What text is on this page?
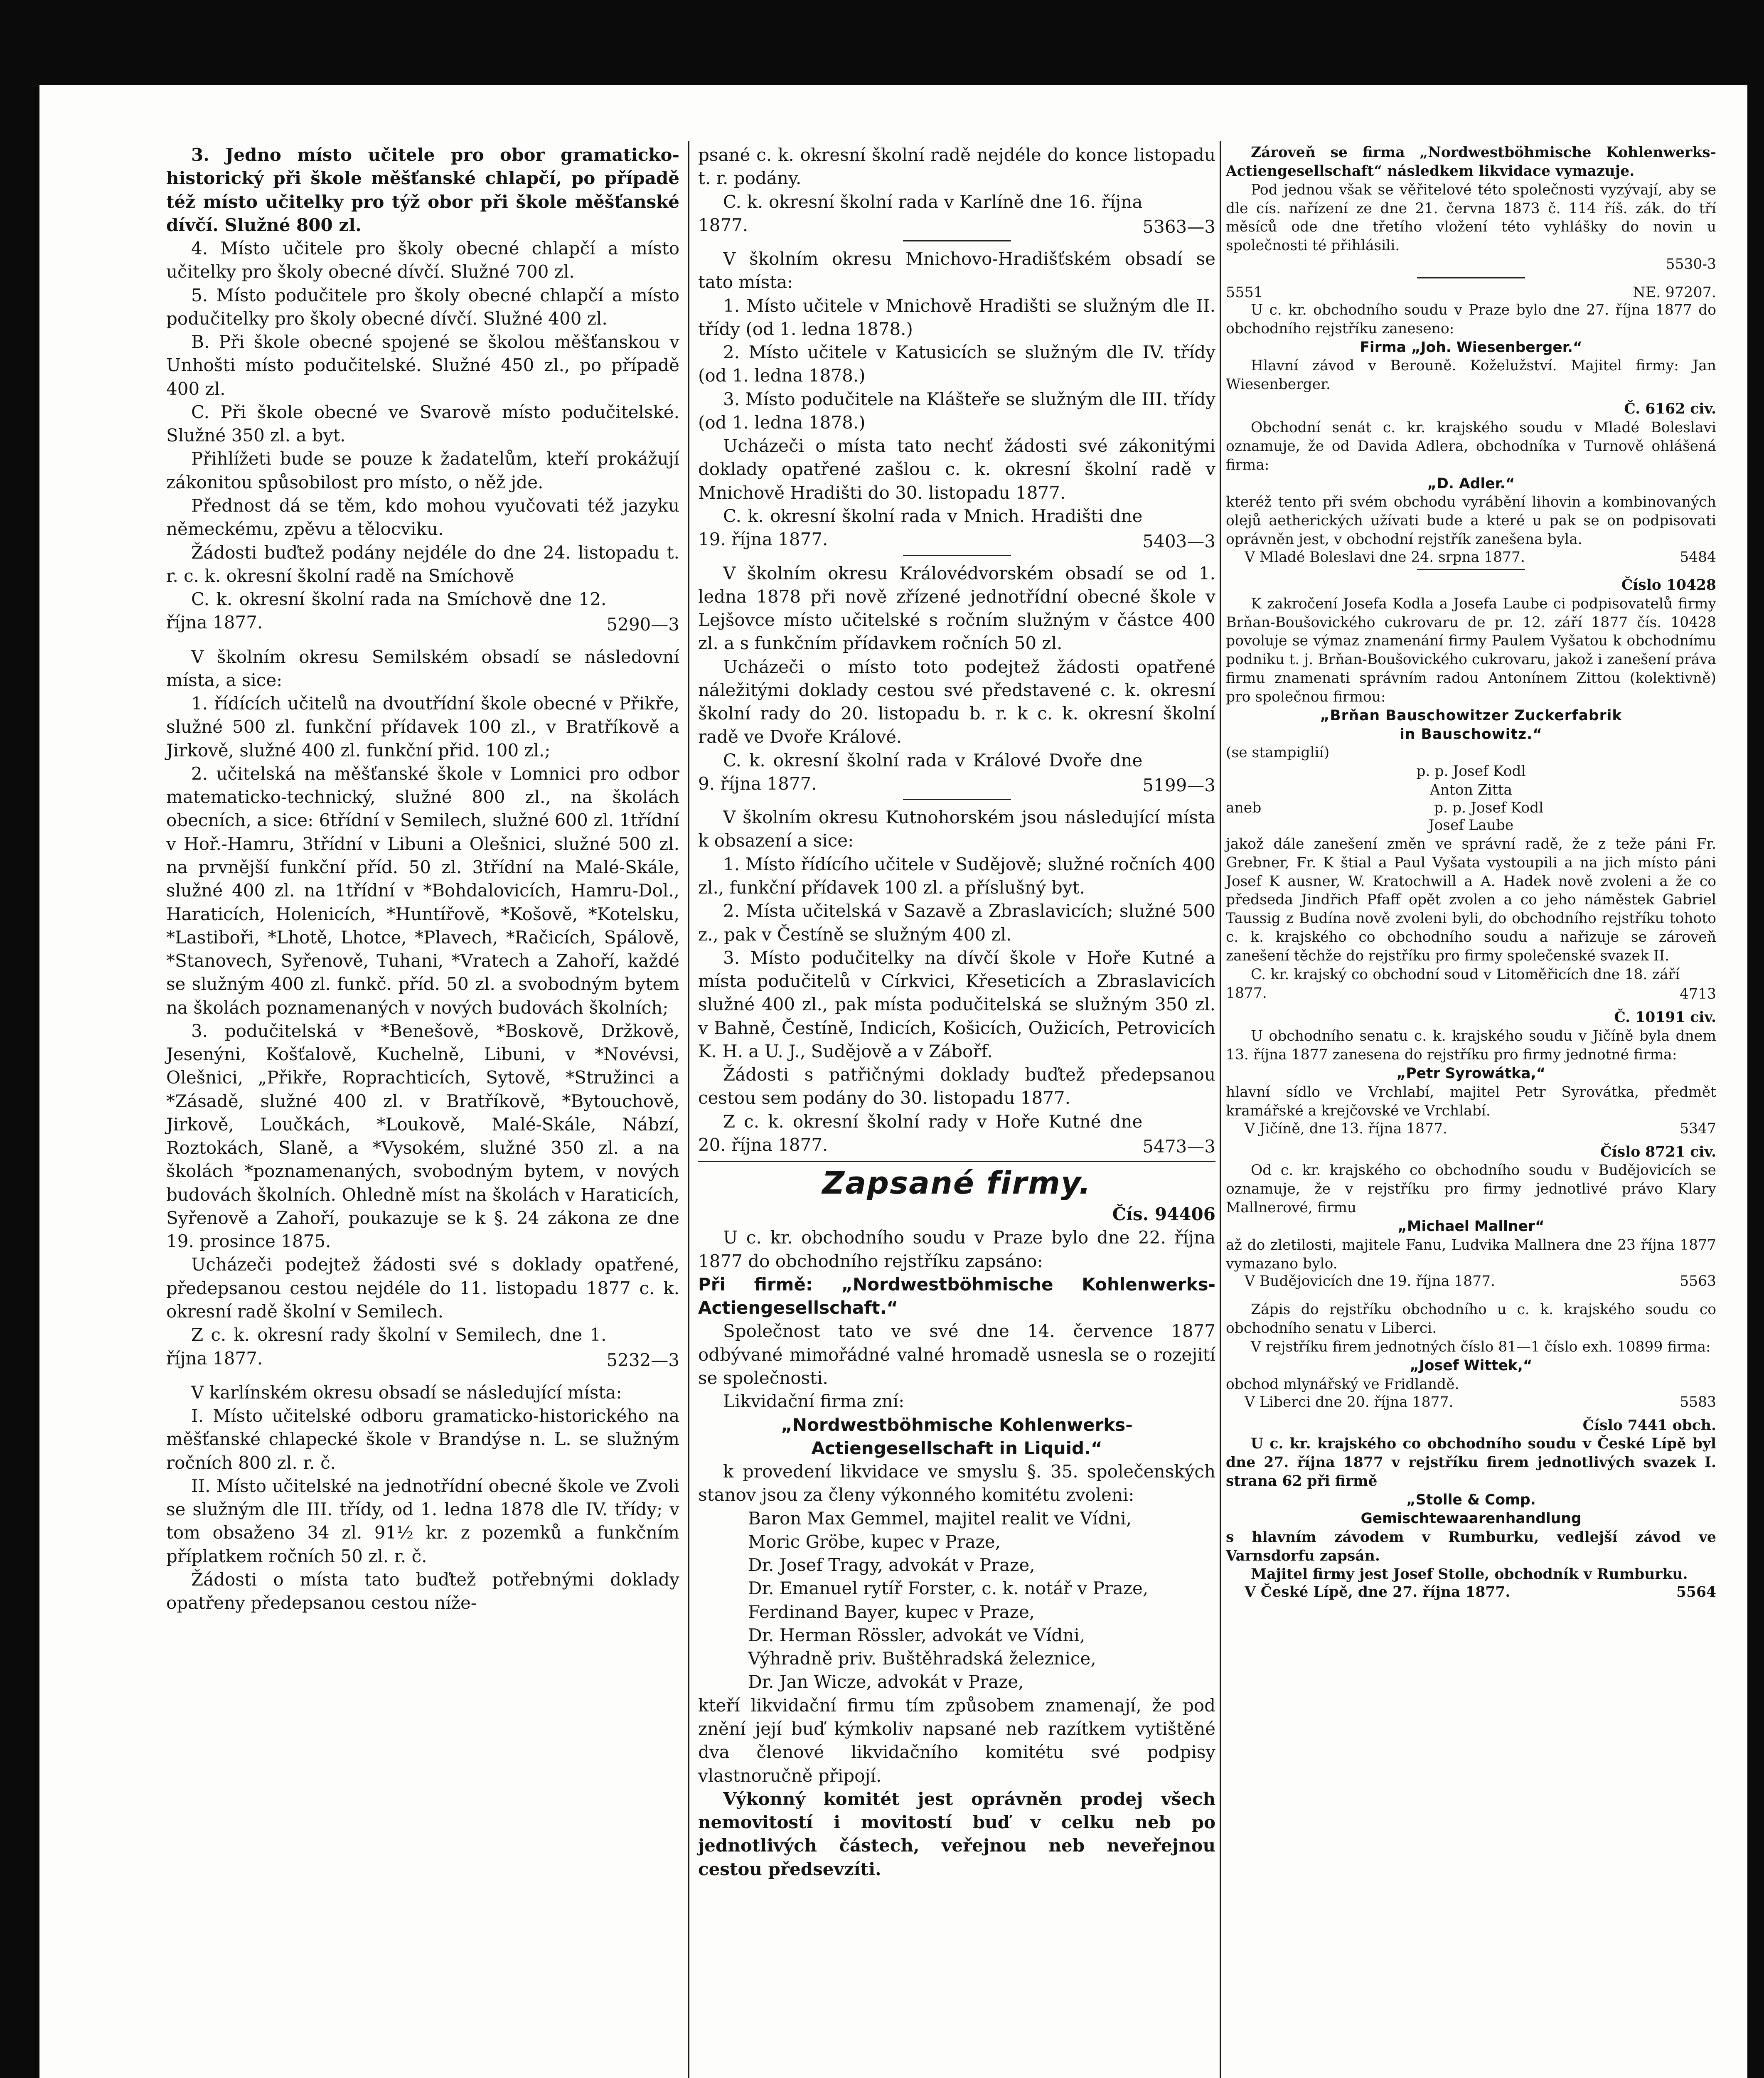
3. Jedno místo učitele pro obor gramaticko-historický při škole měšťanské chlapčí, po případě též místo učitelky pro týž obor při škole měšťanské dívčí. Služné 800 zl.

4. Místo učitele pro školy obecné chlapčí a místo učitelky pro školy obecné dívčí. Služné 700 zl.

5. Místo podučitele pro školy obecné chlapčí a místo podučitelky pro školy obecné dívčí. Služné 400 zl.

B. Při škole obecné spojené se školou měšťanskou v Unhošti místo podučitelské. Služné 450 zl., po případě 400 zl.

C. Při škole obecné ve Svarově místo podučitelské. Služné 350 zl. a byt.

Přihlížeti bude se pouze k žadatelům, kteří prokážují zákonitou spůsobilost pro místo, o něž jde.

Přednost dá se těm, kdo mohou vyučovati též jazyku německému, zpěvu a tělocviku.

Žádosti buďtež podány nejdéle do dne 24. listopadu t. r. c. k. okresní školní radě na Smíchově

C. k. okresní školní rada na Smíchově dne 12. října 1877.	5290—3

V školním okresu Semilském obsadí se následovní místa, a sice:

1. řídících učitelů na dvoutřídní škole obecné v Přikře, služné 500 zl. funkční přídavek 100 zl., v Bratříkově a Jirkově, služné 400 zl. funkční přid. 100 zl.;

2. učitelská na měšťanské škole v Lomnici pro odbor matematicko-technický, služné 800 zl., na školách obecních, a sice: 6třídní v Semilech, služné 600 zl. 1třídní v Hoř.-Hamru, 3třídní v Libuni a Olešnici, služné 500 zl. na prvnější funkční příd. 50 zl. 3třídní na Malé-Skále, služné 400 zl. na 1třídní v *Bohdalovicích, Hamru-Dol., Haraticích, Holenicích, *Huntířově, *Košově, *Kotelsku, *Lastiboři, *Lhotě, Lhotce, *Plavech, *Račicích, Spálově, *Stanovech, Syřenově, Tuhani, *Vratech a Zahoří, každé se služným 400 zl. funkč. příd. 50 zl. a svobodným bytem na školách poznamenaných v nových budovách školních;

3. podučitelská v *Benešově, *Boskově, Držkově, Jesenýni, Košťalově, Kuchelně, Libuni, v *Novévsi, Olešnici, „Přikře, Roprachticích, Sytově, *Stružinci a *Zásadě, služné 400 zl. v Bratříkově, *Bytouchově, Jirkově, Loučkách, *Loukově, Malé-Skále, Nábzí, Roztokách, Slaně, a *Vysokém, služné 350 zl. a na školách *poznamenaných, svobodným bytem, v nových budovách školních. Ohledně míst na školách v Haraticích, Syřenově a Zahoří, poukazuje se k §. 24 zákona ze dne 19. prosince 1875.

Ucházeči podejtež žádosti své s doklady opatřené, předepsanou cestou nejdéle do 11. listopadu 1877 c. k. okresní radě školní v Semilech.

Z c. k. okresní rady školní v Semilech, dne 1. října 1877.	5232—3

V karlínském okresu obsadí se následující místa:

I. Místo učitelské odboru gramaticko-historického na měšťanské chlapecké škole v Brandýse n. L. se služným ročních 800 zl. r. č.

II. Místo učitelské na jednotřídní obecné škole ve Zvoli se služným dle III. třídy, od 1. ledna 1878 dle IV. třídy; v tom obsaženo 34 zl. 91½ kr. z pozemků a funkčním příplatkem ročních 50 zl. r. č.

Žádosti o místa tato buďtež potřebnými doklady opatřeny předepsanou cestou níže-

psané c. k. okresní školní radě nejdéle do konce listopadu t. r. podány.

C. k. okresní školní rada v Karlíně dne 16. října 1877.	5363—3

V školním okresu Mnichovo-Hradišťském obsadí se tato místa:

1. Místo učitele v Mnichově Hradišti se služným dle II. třídy (od 1. ledna 1878.)

2. Místo učitele v Katusicích se služným dle IV. třídy (od 1. ledna 1878.)

3. Místo podučitele na Klášteře se služným dle III. třídy (od 1. ledna 1878.)

Ucházeči o místa tato nechť žádosti své zákonitými doklady opatřené zašlou c. k. okresní školní radě v Mnichově Hradišti do 30. listopadu 1877.

C. k. okresní školní rada v Mnich. Hradišti dne 19. října 1877.	5403—3

V školním okresu Královédvorském obsadí se od 1. ledna 1878 při nově zřízené jednotřídní obecné škole v Lejšovce místo učitelské s ročním služným v částce 400 zl. a s funkčním přídavkem ročních 50 zl.

Ucházeči o místo toto podejtež žádosti opatřené náležitými doklady cestou své představené c. k. okresní školní rady do 20. listopadu b. r. k c. k. okresní školní radě ve Dvoře Králové.

C. k. okresní školní rada v Králové Dvoře dne 9. října 1877.	5199—3

V školním okresu Kutnohorském jsou následující místa k obsazení a sice:

1. Místo řídícího učitele v Sudějově; služné ročních 400 zl., funkční přídavek 100 zl. a příslušný byt.

2. Místa učitelská v Sazavě a Zbraslavicích; služné 500 z., pak v Čestíně se služným 400 zl.

3. Místo podučitelky na dívčí škole v Hoře Kutné a místa podučitelů v Církvici, Křeseticích a Zbraslavicích služné 400 zl., pak místa podučitelská se služným 350 zl. v Bahně, Čestíně, Indicích, Košicích, Oužicích, Petrovicích K. H. a U. J., Sudějově a v Zábořf.

Žádosti s patřičnými doklady buďtež předepsanou cestou sem podány do 30. listopadu 1877.

Z c. k. okresní školní rady v Hoře Kutné dne 20. října 1877.	5473—3
Zapsané firmy.

Čís. 94406

U c. kr. obchodního soudu v Praze bylo dne 22. října 1877 do obchodního rejstříku zapsáno:

Při firmě: „Nordwestböhmische Kohlenwerks-Actiengesellschaft.“

Společnost tato ve své dne 14. července 1877 odbývané mimořádné valné hromadě usnesla se o rozejití se společnosti.

Likvidační firma zní:

„Nordwestböhmische Kohlenwerks-Actiengesellschaft in Liquid.“

k provedení likvidace ve smyslu §. 35. společenských stanov jsou za členy výkonného komitétu zvoleni:

Baron Max Gemmel, majitel realit ve Vídni,

Moric Gröbe, kupec v Praze,

Dr. Josef Tragy, advokát v Praze,

Dr. Emanuel rytíř Forster, c. k. notář v Praze,

Ferdinand Bayer, kupec v Praze,

Dr. Herman Rössler, advokát ve Vídni,

Výhradně priv. Buštěhradská železnice,

Dr. Jan Wicze, advokát v Praze,

kteří likvidační firmu tím způsobem znamenají, že pod znění její buď kýmkoliv napsané neb razítkem vytištěné dva členové likvidačního komitétu své podpisy vlastnoručně připojí.

Výkonný komitét jest oprávněn prodej všech nemovitostí i movitostí buď v celku neb po jednotlivých částech, veřejnou neb neveřejnou cestou předsevzíti.

Zároveň se firma „Nordwestböhmische Kohlenwerks-Actiengesellschaft“ následkem likvidace vymazuje.

Pod jednou však se věřitelové této společnosti vyzývají, aby se dle cís. nařízení ze dne 21. června 1873 č. 114 říš. zák. do tří měsíců ode dne třetího vložení této vyhlášky do novin u společnosti té přihlásili.

5530-3

5551	NE. 97207.

U c. kr. obchodního soudu v Praze bylo dne 27. října 1877 do obchodního rejstříku zaneseno:

Firma „Joh. Wiesenberger.“

Hlavní závod v Berouně. Koželužství. Majitel firmy: Jan Wiesenberger.

Č. 6162 civ.

Obchodní senát c. kr. krajského soudu v Mladé Boleslavi oznamuje, že od Davida Adlera, obchodníka v Turnově ohlášená firma:

„D. Adler.“

kteréž tento při svém obchodu vyrábění lihovin a kombinovaných olejů aetherických užívati bude a které u pak se on podpisovati oprávněn jest, v obchodní rejstřík zanešena byla.

V Mladé Boleslavi dne 24. srpna 1877.	5484

Číslo 10428

K zakročení Josefa Kodla a Josefa Laube ci podpisovatelů firmy Brňan-Boušovického cukrovaru de pr. 12. září 1877 čís. 10428 povoluje se výmaz znamenání firmy Paulem Vyšatou k obchodnímu podniku t. j. Brňan-Boušovického cukrovaru, jakož i zanešení práva firmu znamenati správním radou Antonínem Zittou (kolektivně) pro společnou firmou:

„Brňan Bauschowitzer Zuckerfabrik

in Bauschowitz.“

(se stampiglií)

p. p. Josef Kodl

Anton Zitta

aneb	p. p. Josef Kodl

Josef Laube

jakož dále zanešení změn ve správní radě, že z teže páni Fr. Grebner, Fr. K štial a Paul Vyšata vystoupili a na jich místo páni Josef K ausner, W. Kratochwill a A. Hadek nově zvoleni a že co předseda Jindřich Pfaff opět zvolen a co jeho náměstek Gabriel Taussig z Budína nově zvoleni byli, do obchodního rejstříku tohoto c. k. krajského co obchodního soudu a nařizuje se zároveň zanešení těchže do rejstříku pro firmy společenské svazek II.

C. kr. krajský co obchodní soud v Litoměřicích dne 18. září 1877.	4713

Č. 10191 civ.

U obchodního senatu c. k. krajského soudu v Jičíně byla dnem 13. října 1877 zanesena do rejstříku pro firmy jednotné firma:

„Petr Syrowátka,“

hlavní sídlo ve Vrchlabí, majitel Petr Syrovátka, předmět kramářské a krejčovské ve Vrchlabí.

V Jičíně, dne 13. října 1877.	5347

Číslo 8721 civ.

Od c. kr. krajského co obchodního soudu v Budějovicích se oznamuje, že v rejstříku pro firmy jednotlivé právo Klary Mallnerové, firmu

„Michael Mallner“

až do zletilosti, majitele Fanu, Ludvika Mallnera dne 23 října 1877 vymazano bylo.

V Budějovicích dne 19. října 1877.	5563

Zápis do rejstříku obchodního u c. k. krajského soudu co obchodního senatu v Liberci.

V rejstříku firem jednotných číslo 81—1 číslo exh. 10899 firma:

„Josef Wittek,“

obchod mlynářský ve Fridlandě.

V Liberci dne 20. října 1877.	5583

Číslo 7441 obch.

U c. kr. krajského co obchodního soudu v České Lípě byl dne 27. října 1877 v rejstříku firem jednotlivých svazek I. strana 62 při firmě

„Stolle & Comp.

Gemischtewaarenhandlung

s hlavním závodem v Rumburku, vedlejší závod ve Varnsdorfu zapsán.

Majitel firmy jest Josef Stolle, obchodník v Rumburku.

V České Lípě, dne 27. října 1877.	5564
